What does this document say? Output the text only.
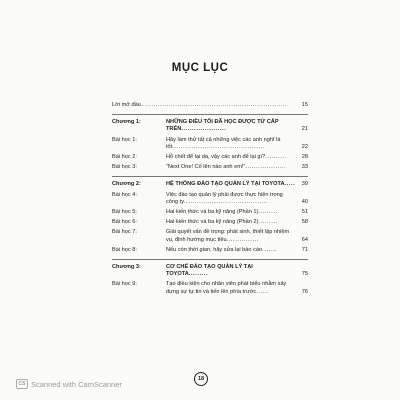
MỤC LỤC
Lời mở đầu....................................................................	15
Chương 1:	NHỮNG ĐIỀU TÔI ĐÃ HỌC ĐƯỢC TỪ CẤP TRÊN.....................	21
Bài học 1:	Hãy làm thử tất cả những việc các anh nghĩ là tốt...........................................	22
Bài học 2:	Hỗ chết để lại da, vậy các anh để lại gì?..........	28
Bài học 3:	“Next One! Cố lên nào anh em!”...................	33
Chương 2:	HỆ THỐNG ĐÀO TẠO QUẢN LÝ TẠI TOYOTA.....	39
Bài học 4:	Việc đào tạo quản lý phải được thực hiện trong công ty.......................................	40
Bài học 5:	Hai kiến thức và ba kỹ năng (Phần 1).........	51
Bài học 6:	Hai kiến thức và ba kỹ năng (Phần 2).........	58
Bài học 7:	Giải quyết vấn đề trọng: phát sinh, thiết lập nhiệm vụ, định hướng mục tiêu...............	64
Bài học 8:	Nếu còn thời gian, hãy sửa lại báo cáo.......	71
Chương 3:	CƠ CHẾ ĐÀO TẠO QUẢN LÝ TẠI TOYOTA.........	75
Bài học 9:	Tạo điều kiện cho nhân viên phát biểu nhằm xây dựng sự tự tin và tiến lên phía trước......	76
18
CS Scanned with CamScanner
